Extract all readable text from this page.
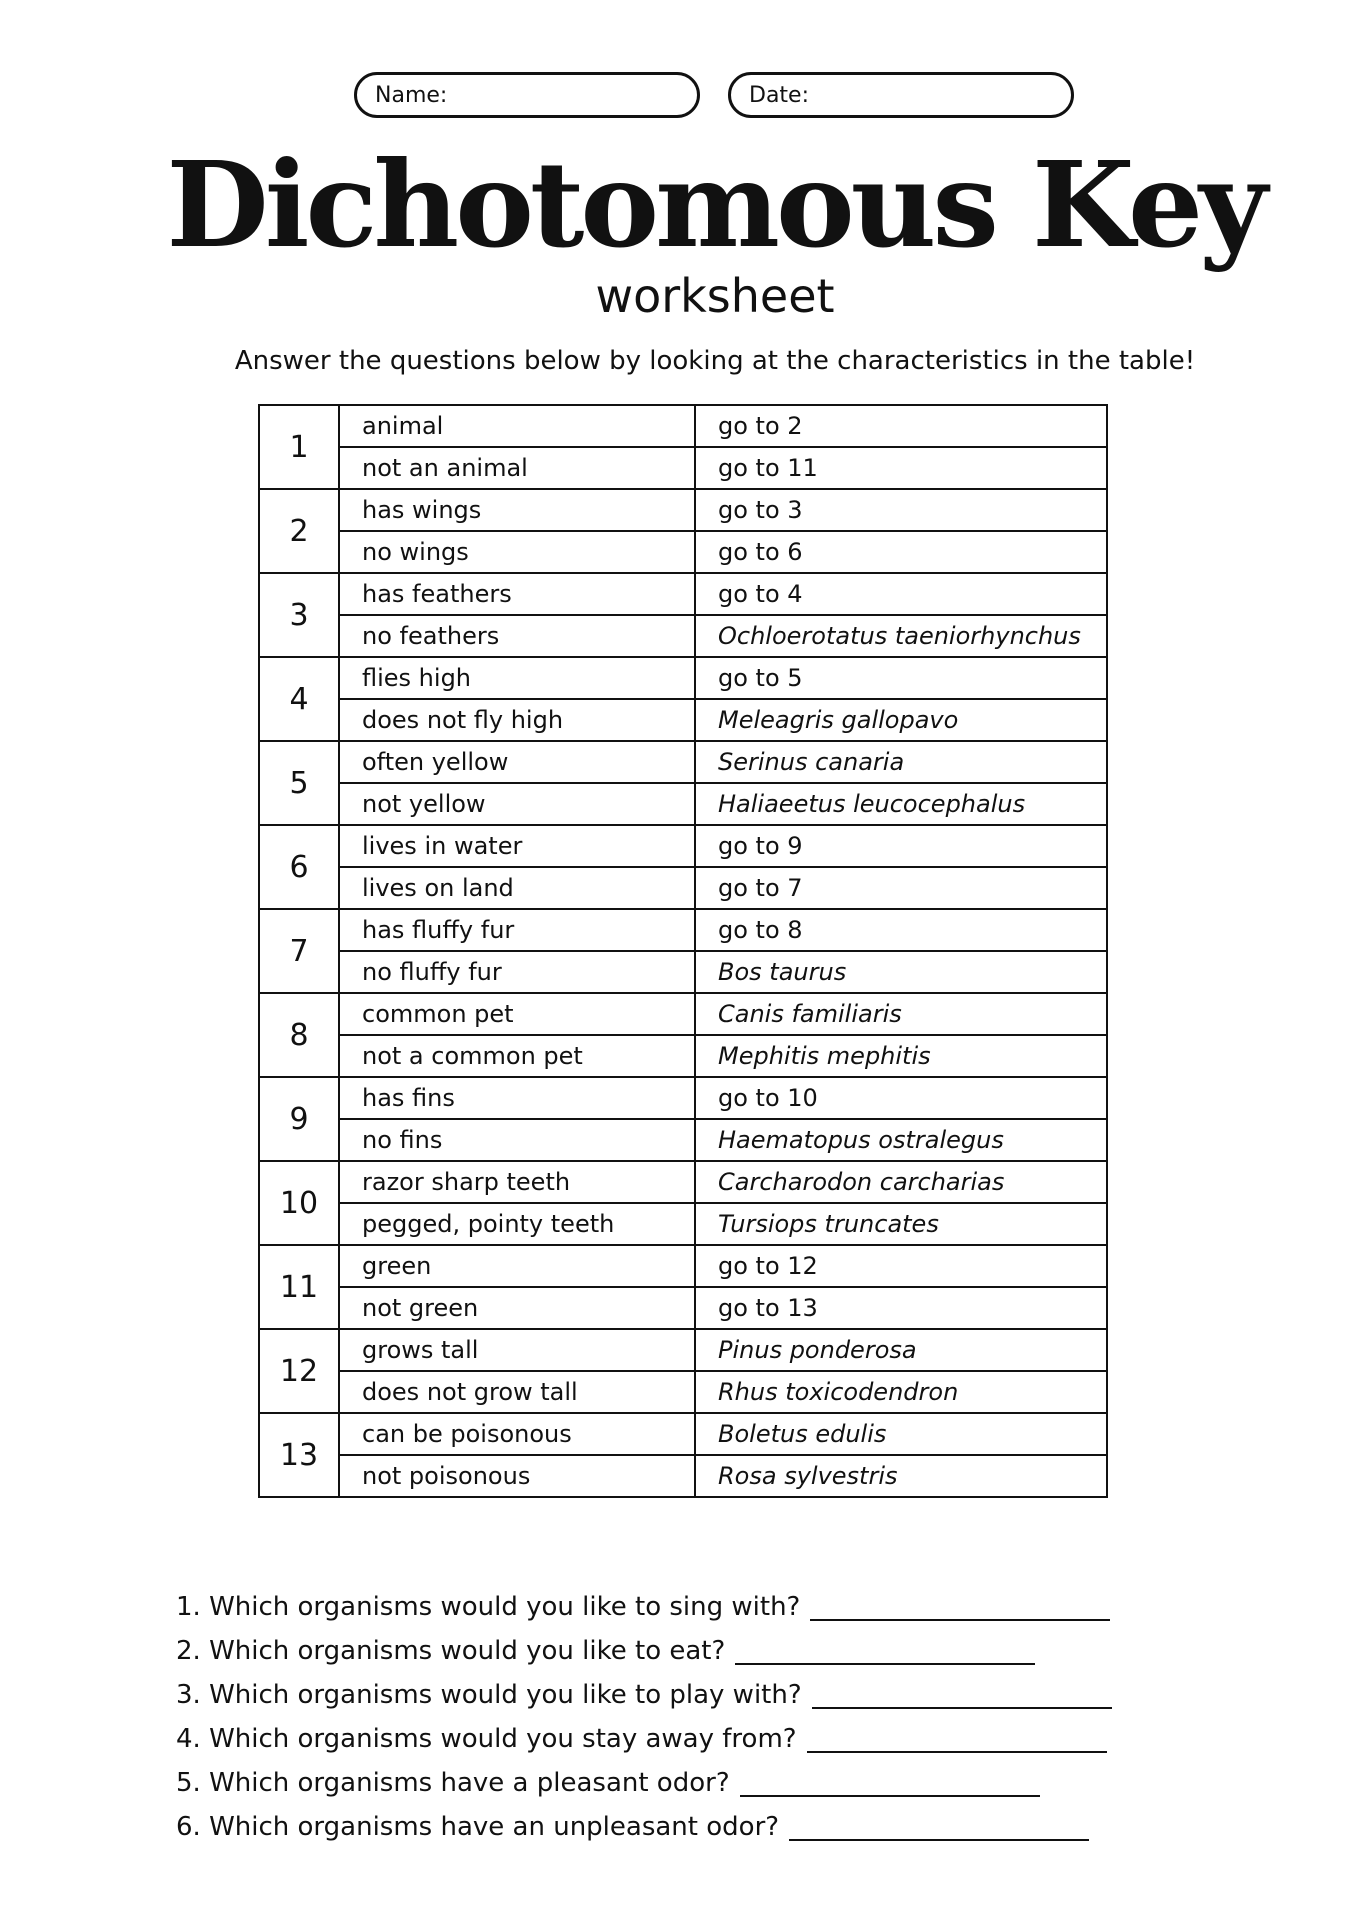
Name:	Date:
Dichotomous Key
worksheet
Answer the questions below by looking at the characteristics in the table!
1	animal	go to 2
	not an animal	go to 11
2	has wings	go to 3
	no wings	go to 6
3	has feathers	go to 4
	no feathers	Ochloerotatus taeniorhynchus
4	flies high	go to 5
	does not fly high	Meleagris gallopavo
5	often yellow	Serinus canaria
	not yellow	Haliaeetus leucocephalus
6	lives in water	go to 9
	lives on land	go to 7
7	has fluffy fur	go to 8
	no fluffy fur	Bos taurus
8	common pet	Canis familiaris
	not a common pet	Mephitis mephitis
9	has fins	go to 10
	no fins	Haematopus ostralegus
10	razor sharp teeth	Carcharodon carcharias
	pegged, pointy teeth	Tursiops truncates
11	green	go to 12
	not green	go to 13
12	grows tall	Pinus ponderosa
	does not grow tall	Rhus toxicodendron
13	can be poisonous	Boletus edulis
	not poisonous	Rosa sylvestris
1. Which organisms would you like to sing with?
2. Which organisms would you like to eat?
3. Which organisms would you like to play with?
4. Which organisms would you stay away from?
5. Which organisms have a pleasant odor?
6. Which organisms have an unpleasant odor?
